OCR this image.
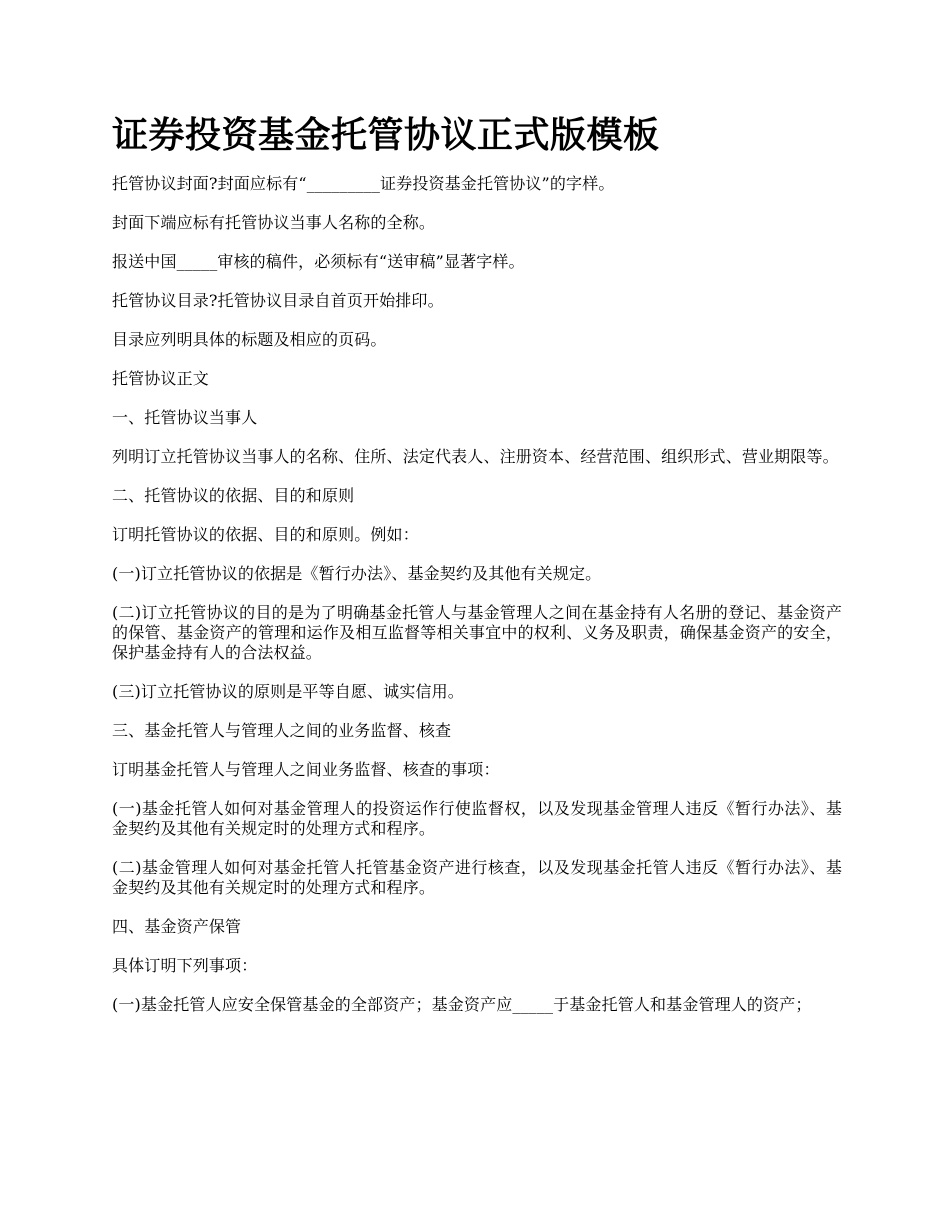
证券投资基金托管协议正式版模板

托管协议封面?封面应标有“_________证券投资基金托管协议”的字样。

封面下端应标有托管协议当事人名称的全称。

报送中国_____审核的稿件，必须标有“送审稿”显著字样。

托管协议目录?托管协议目录自首页开始排印。

目录应列明具体的标题及相应的页码。

托管协议正文

一、托管协议当事人

列明订立托管协议当事人的名称、住所、法定代表人、注册资本、经营范围、组织形式、营业期限等。

二、托管协议的依据、目的和原则

订明托管协议的依据、目的和原则。例如：

(一)订立托管协议的依据是《暂行办法》、基金契约及其他有关规定。

(二)订立托管协议的目的是为了明确基金托管人与基金管理人之间在基金持有人名册的登记、基金资产的保管、基金资产的管理和运作及相互监督等相关事宜中的权利、义务及职责，确保基金资产的安全，保护基金持有人的合法权益。

(三)订立托管协议的原则是平等自愿、诚实信用。

三、基金托管人与管理人之间的业务监督、核查

订明基金托管人与管理人之间业务监督、核查的事项：

(一)基金托管人如何对基金管理人的投资运作行使监督权，以及发现基金管理人违反《暂行办法》、基金契约及其他有关规定时的处理方式和程序。

(二)基金管理人如何对基金托管人托管基金资产进行核查，以及发现基金托管人违反《暂行办法》、基金契约及其他有关规定时的处理方式和程序。

四、基金资产保管

具体订明下列事项：

(一)基金托管人应安全保管基金的全部资产；基金资产应_____于基金托管人和基金管理人的资产；
